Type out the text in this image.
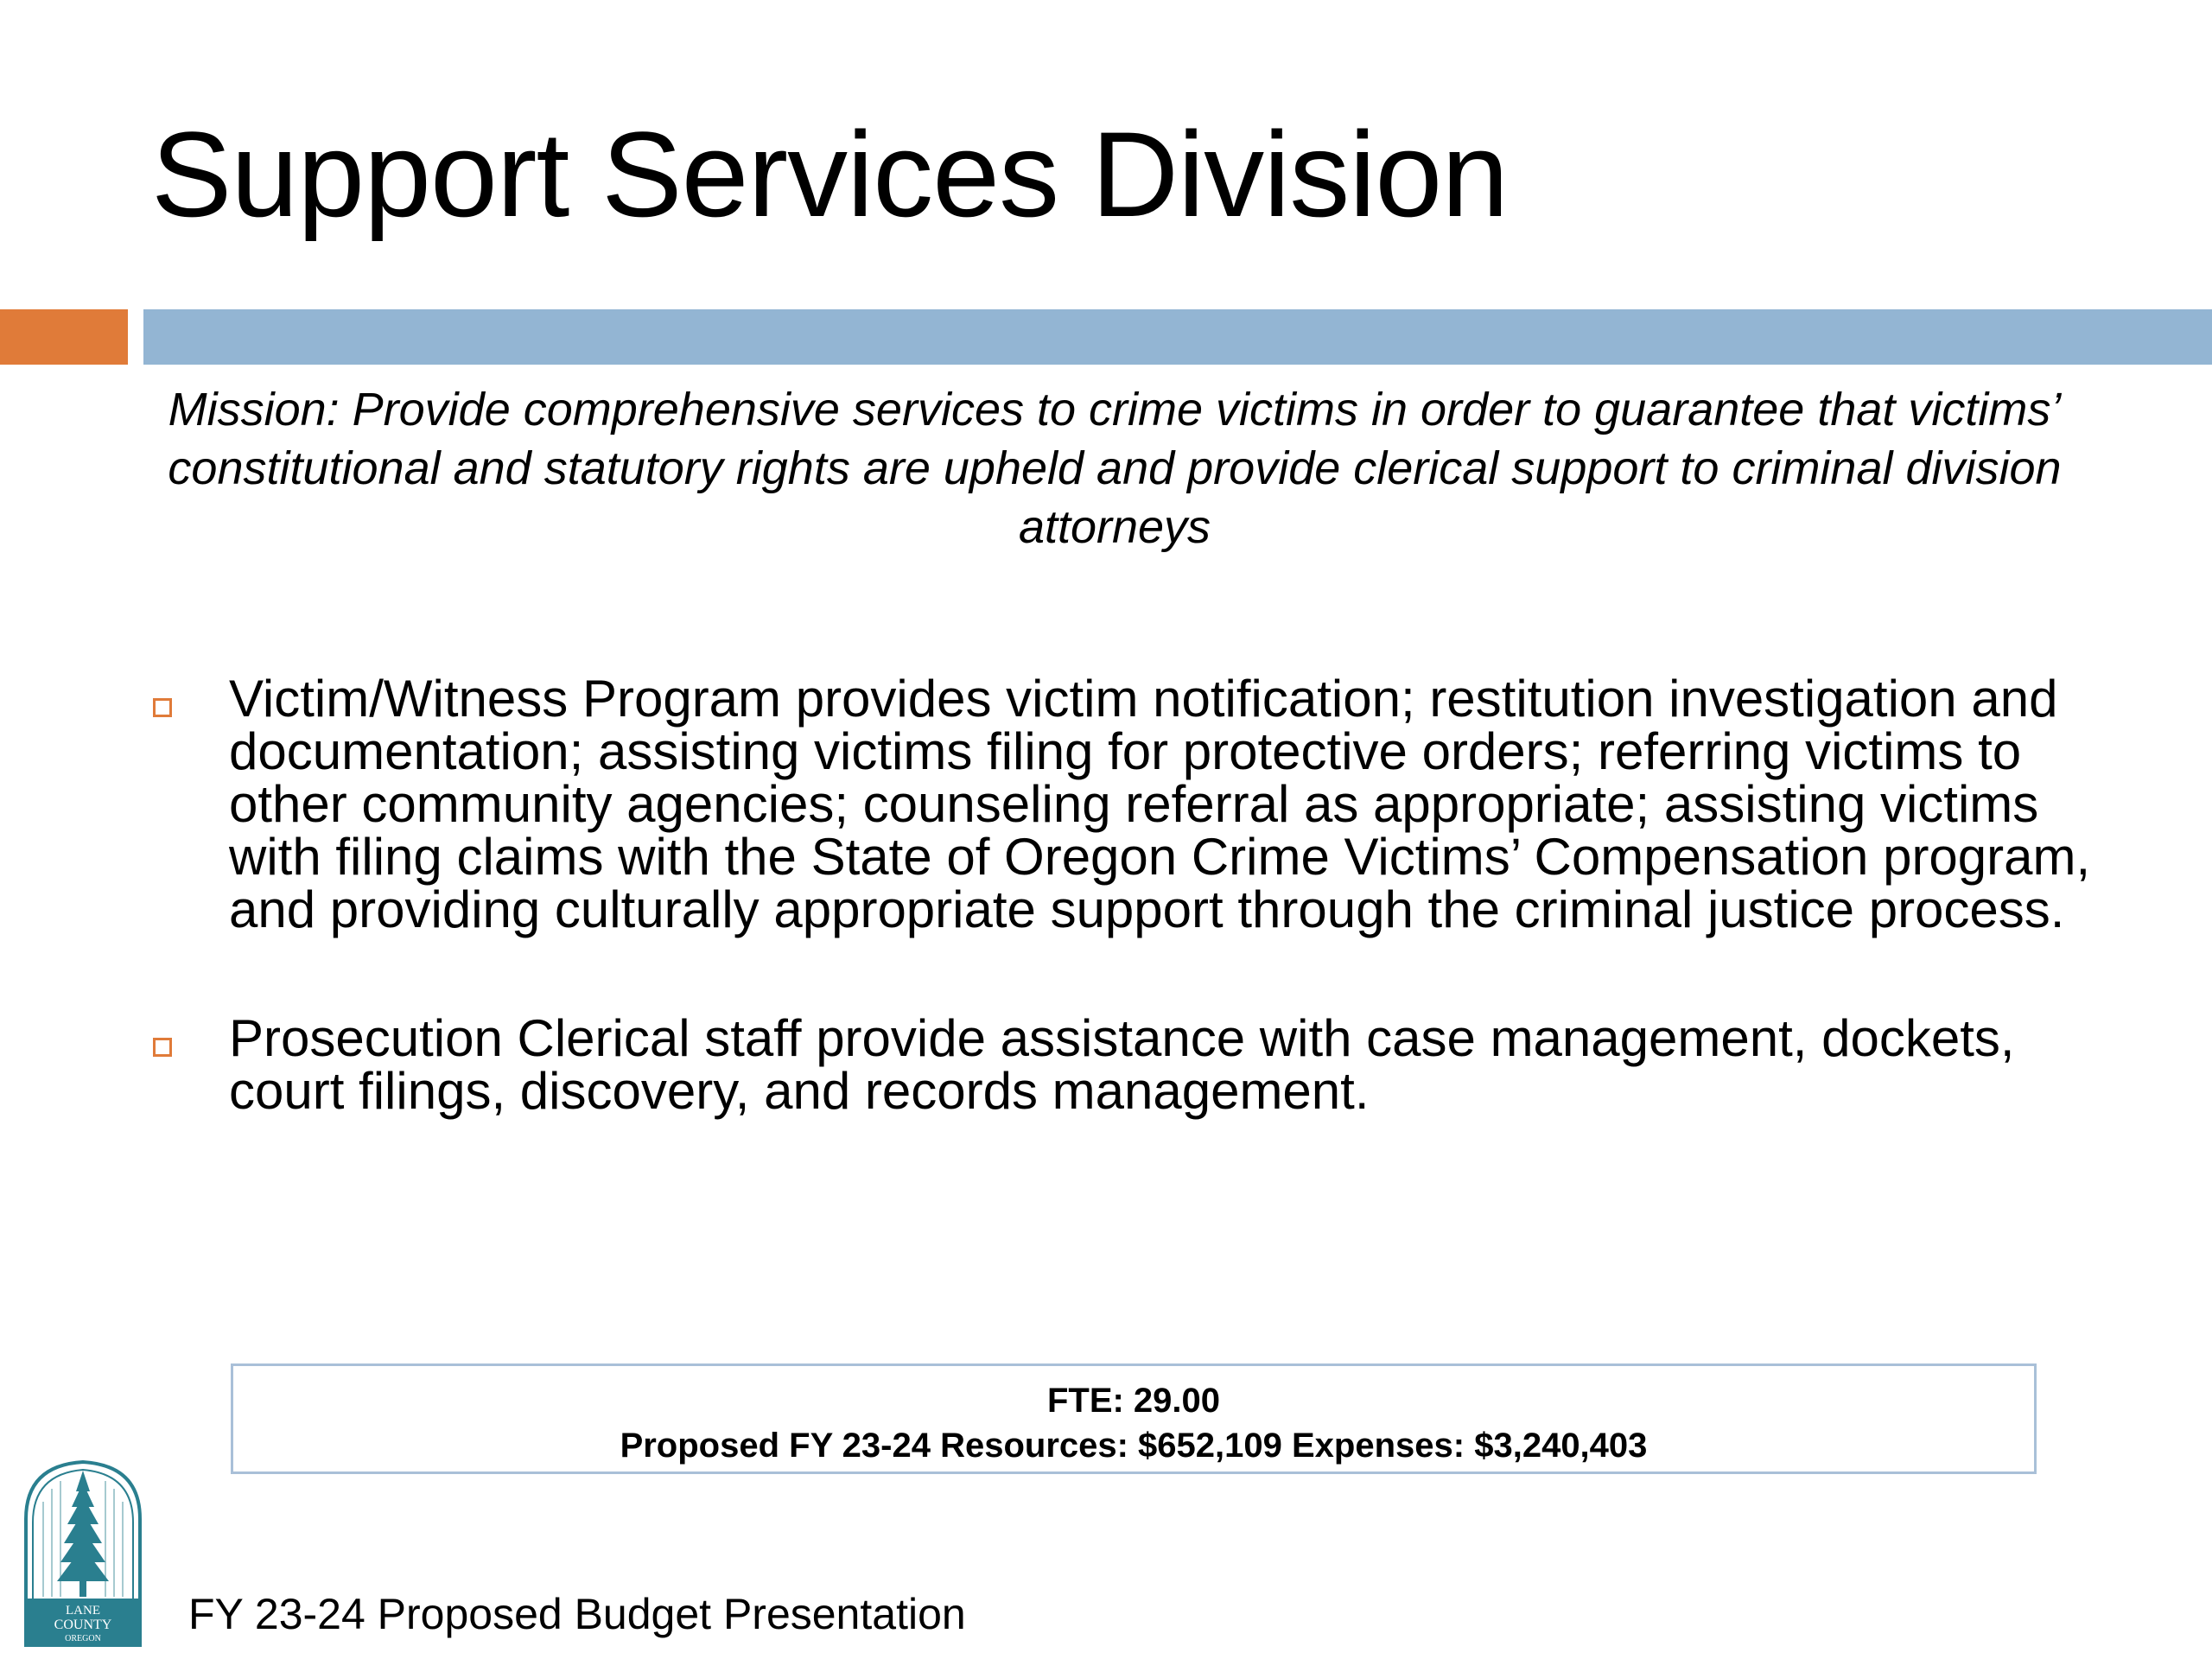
Support Services Division

Mission: Provide comprehensive services to crime victims in order to guarantee that victims’ constitutional and statutory rights are upheld and provide clerical support to criminal division attorneys

Victim/Witness Program provides victim notification; restitution investigation and documentation; assisting victims filing for protective orders; referring victims to other community agencies; counseling referral as appropriate; assisting victims with filing claims with the State of Oregon Crime Victims’ Compensation program, and providing culturally appropriate support through the criminal justice process.
Prosecution Clerical staff provide assistance with case management, dockets, court filings, discovery, and records management.
FTE: 29.00
Proposed FY 23-24 Resources: $652,109 Expenses: $3,240,403
LANE
COUNTY
OREGON

FY 23-24 Proposed Budget Presentation
